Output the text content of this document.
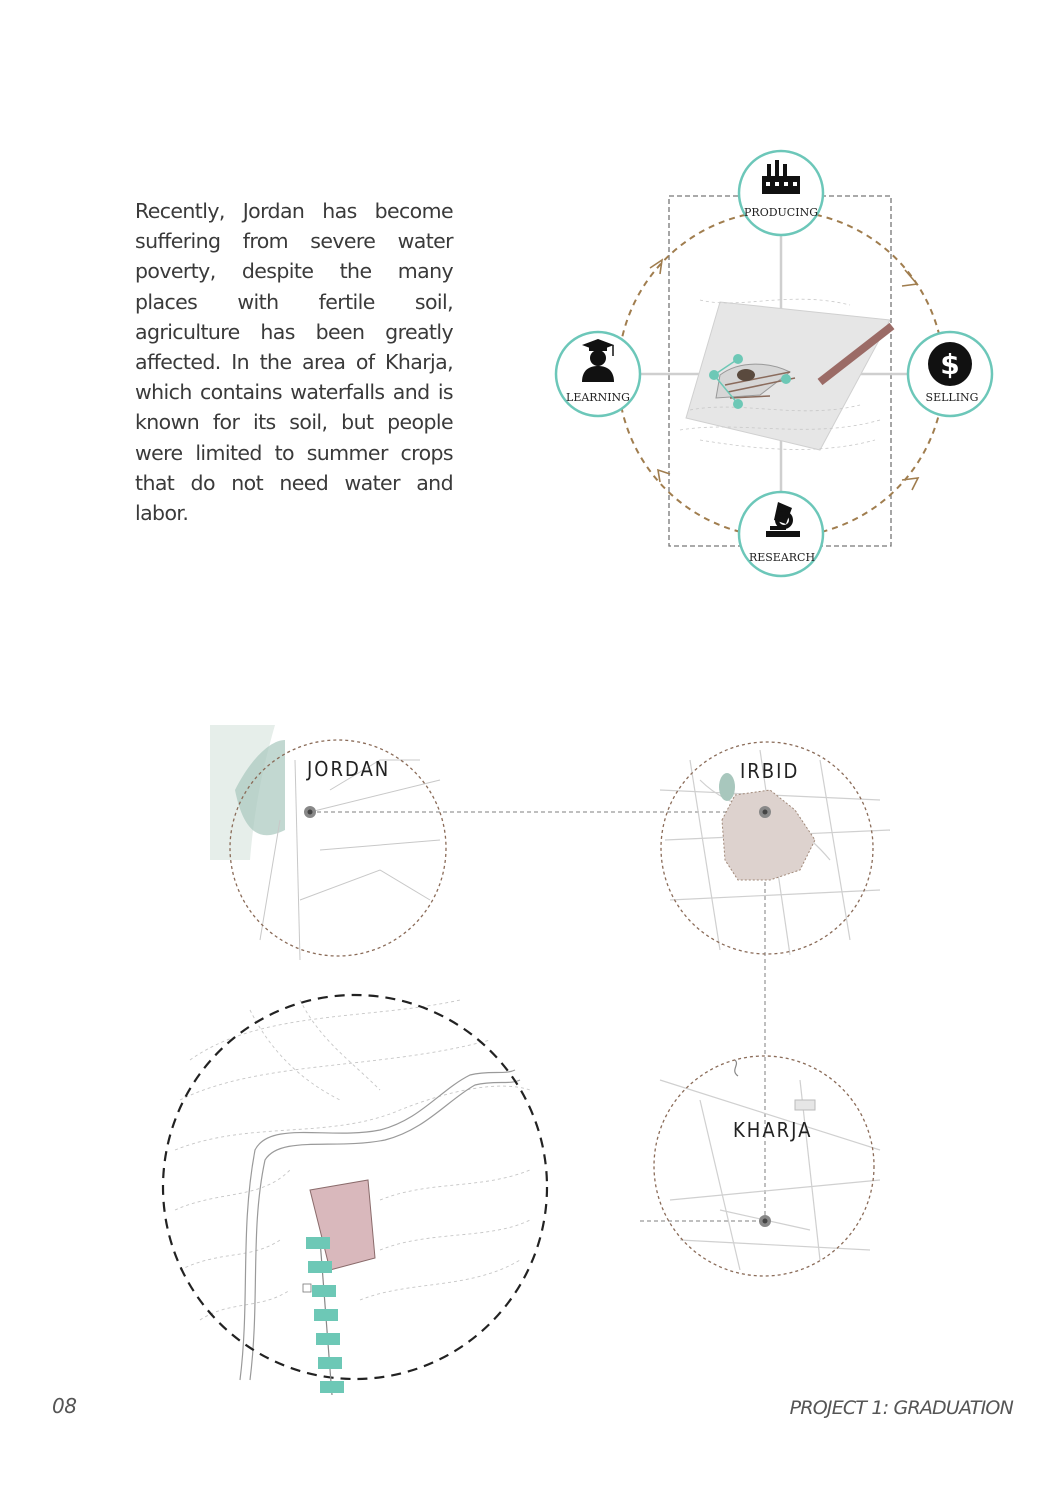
Recently, Jordan has become suffering from severe water poverty, despite the many places with fertile soil, agriculture has been greatly affected. In the area of Kharja, which contains waterfalls and is known for its soil, but people were limited to summer crops that do not need water and labor.

PRODUCING
$
SELLING
RESEARCH
LEARNING
JORDAN	IRBID
KHARJA
08	PROJECT 1: GRADUATION
